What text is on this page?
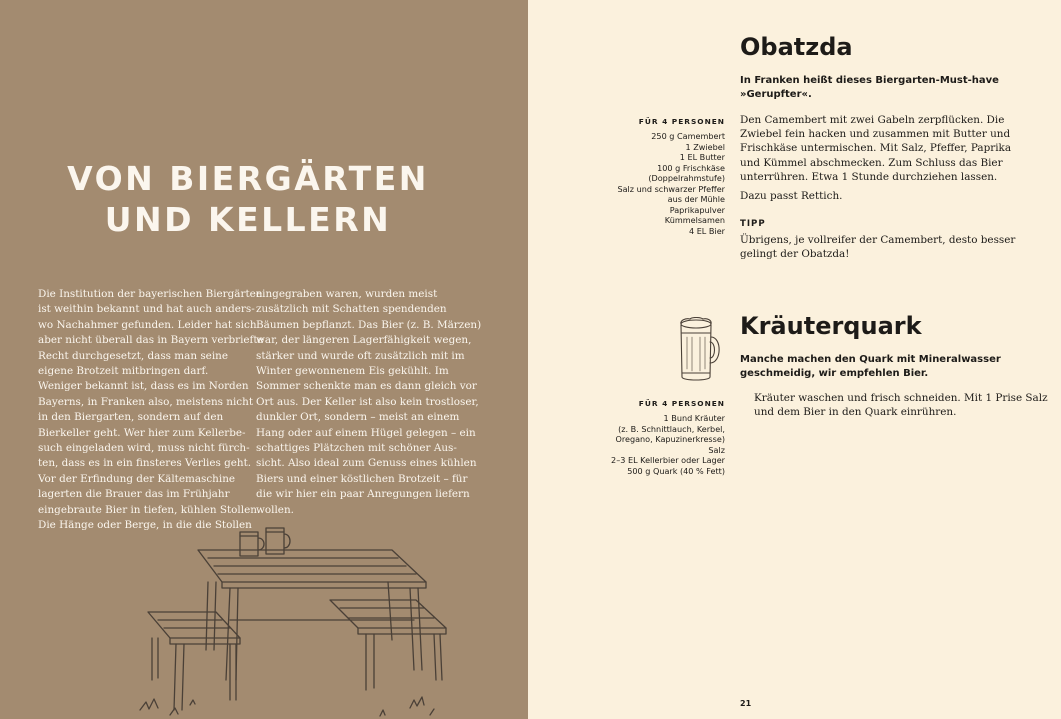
VON BIERGÄRTEN
UND KELLERN

Die Institution der bayerischen Biergärten
ist weithin bekannt und hat auch anders-
wo Nachahmer gefunden. Leider hat sich
aber nicht überall das in Bayern verbriefte
Recht durchgesetzt, dass man seine
eigene Brotzeit mitbringen darf.
Weniger bekannt ist, dass es im Norden
Bayerns, in Franken also, meistens nicht
in den Biergarten, sondern auf den
Bierkeller geht. Wer hier zum Kellerbe-
such eingeladen wird, muss nicht fürch-
ten, dass es in ein finsteres Verlies geht.
Vor der Erfindung der Kältemaschine
lagerten die Brauer das im Frühjahr
eingebraute Bier in tiefen, kühlen Stollen.
Die Hänge oder Berge, in die die Stollen

eingegraben waren, wurden meist
zusätzlich mit Schatten spendenden
Bäumen bepflanzt. Das Bier (z. B. Märzen)
war, der längeren Lagerfähigkeit wegen,
stärker und wurde oft zusätzlich mit im
Winter gewonnenem Eis gekühlt. Im
Sommer schenkte man es dann gleich vor
Ort aus. Der Keller ist also kein trostloser,
dunkler Ort, sondern – meist an einem
Hang oder auf einem Hügel gelegen – ein
schattiges Plätzchen mit schöner Aus-
sicht. Also ideal zum Genuss eines kühlen
Biers und einer köstlichen Brotzeit – für
die wir hier ein paar Anregungen liefern
wollen.

Obatzda

In Franken heißt dieses Biergarten-Must-have
»Gerupfter«.

FÜR 4 PERSONEN

250 g Camembert
1 Zwiebel
1 EL Butter
100 g Frischkäse
(Doppelrahmstufe)
Salz und schwarzer Pfeffer
aus der Mühle
Paprikapulver
Kümmelsamen
4 EL Bier

Den Camembert mit zwei Gabeln zerpflücken. Die
Zwiebel fein hacken und zusammen mit Butter und
Frischkäse untermischen. Mit Salz, Pfeffer, Paprika
und Kümmel abschmecken. Zum Schluss das Bier
unterrühren. Etwa 1 Stunde durchziehen lassen.

Dazu passt Rettich.

TIPP

Übrigens, je vollreifer der Camembert, desto besser
gelingt der Obatzda!

Kräuterquark

Manche machen den Quark mit Mineralwasser
geschmeidig, wir empfehlen Bier.

FÜR 4 PERSONEN

1 Bund Kräuter
(z. B. Schnittlauch, Kerbel,
Oregano, Kapuzinerkresse)
Salz
2–3 EL Kellerbier oder Lager
500 g Quark (40 % Fett)

Kräuter waschen und frisch schneiden. Mit 1 Prise Salz
und dem Bier in den Quark einrühren.

21
